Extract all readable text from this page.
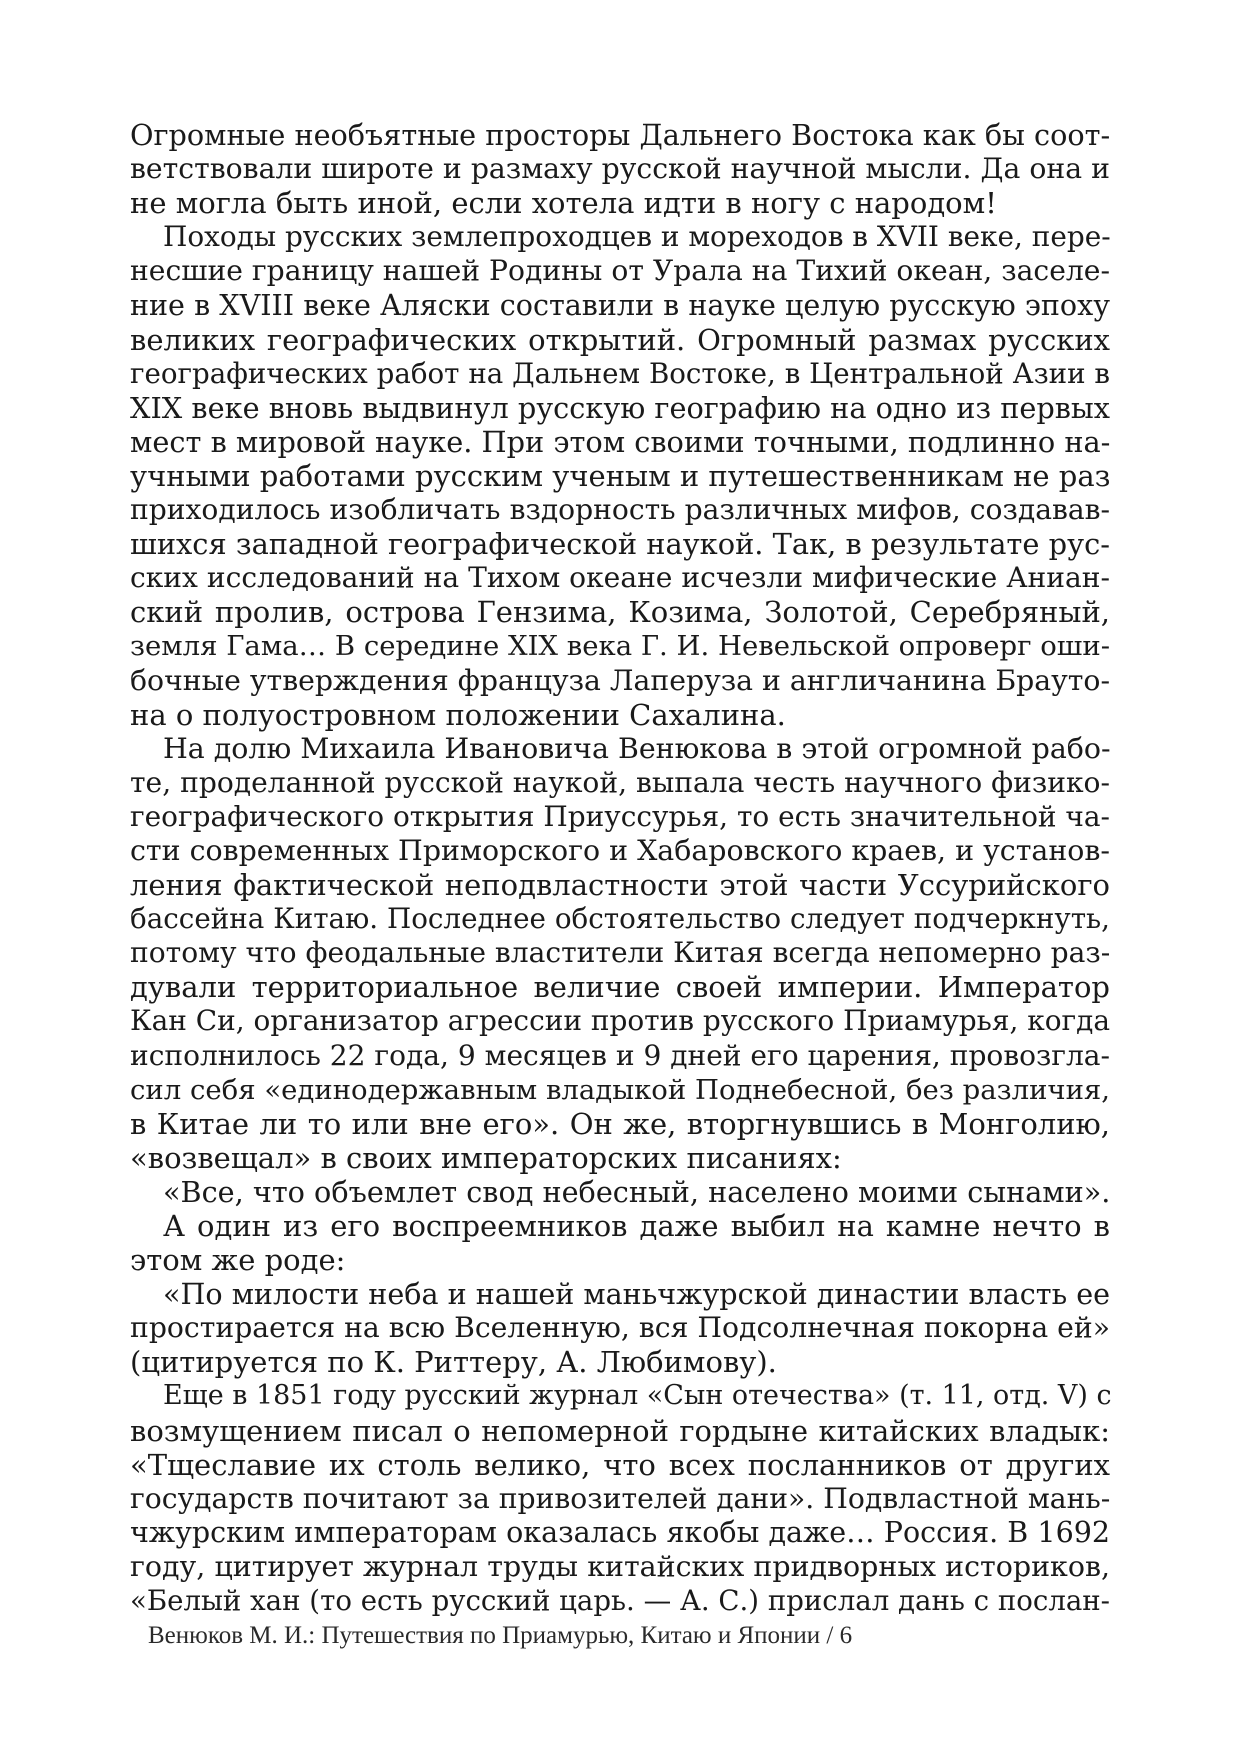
Огромные необъятные просторы Дальнего Востока как бы соот-
ветствовали широте и размаху русской научной мысли. Да она и
не могла быть иной, если хотела идти в ногу с народом!
Походы русских землепроходцев и мореходов в XVII веке, пере-
несшие границу нашей Родины от Урала на Тихий океан, заселе-
ние в XVIII веке Аляски составили в науке целую русскую эпоху
великих географических открытий. Огромный размах русских
географических работ на Дальнем Востоке, в Центральной Азии в
XIX веке вновь выдвинул русскую географию на одно из первых
мест в мировой науке. При этом своими точными, подлинно на-
учными работами русским ученым и путешественникам не раз
приходилось изобличать вздорность различных мифов, создавав-
шихся западной географической наукой. Так, в результате рус-
ских исследований на Тихом океане исчезли мифические Аниан-
ский пролив, острова Гензима, Козима, Золотой, Серебряный,
земля Гама… В середине XIX века Г. И. Невельской опроверг оши-
бочные утверждения француза Лаперуза и англичанина Брауто-
на о полуостровном положении Сахалина.
На долю Михаила Ивановича Венюкова в этой огромной рабо-
те, проделанной русской наукой, выпала честь научного физико-
географического открытия Приуссурья, то есть значительной ча-
сти современных Приморского и Хабаровского краев, и установ-
ления фактической неподвластности этой части Уссурийского
бассейна Китаю. Последнее обстоятельство следует подчеркнуть,
потому что феодальные властители Китая всегда непомерно раз-
дували территориальное величие своей империи. Император
Кан Си, организатор агрессии против русского Приамурья, когда
исполнилось 22 года, 9 месяцев и 9 дней его царения, провозгла-
сил себя «единодержавным владыкой Поднебесной, без различия,
в Китае ли то или вне его». Он же, вторгнувшись в Монголию,
«возвещал» в своих императорских писаниях:
«Все, что объемлет свод небесный, населено моими сынами».
А один из его воспреемников даже выбил на камне нечто в
этом же роде:
«По милости неба и нашей маньчжурской династии власть ее
простирается на всю Вселенную, вся Подсолнечная покорна ей»
(цитируется по К. Риттеру, А. Любимову).
Еще в 1851 году русский журнал «Сын отечества» (т. 11, отд. V) с
возмущением писал о непомерной гордыне китайских владык:
«Тщеславие их столь велико, что всех посланников от других
государств почитают за привозителей дани». Подвластной мань-
чжурским императорам оказалась якобы даже… Россия. В 1692
году, цитирует журнал труды китайских придворных историков,
«Белый хан (то есть русский царь. — А. С.) прислал дань с послан-
Венюков М. И.: Путешествия по Приамурью, Китаю и Японии / 6
